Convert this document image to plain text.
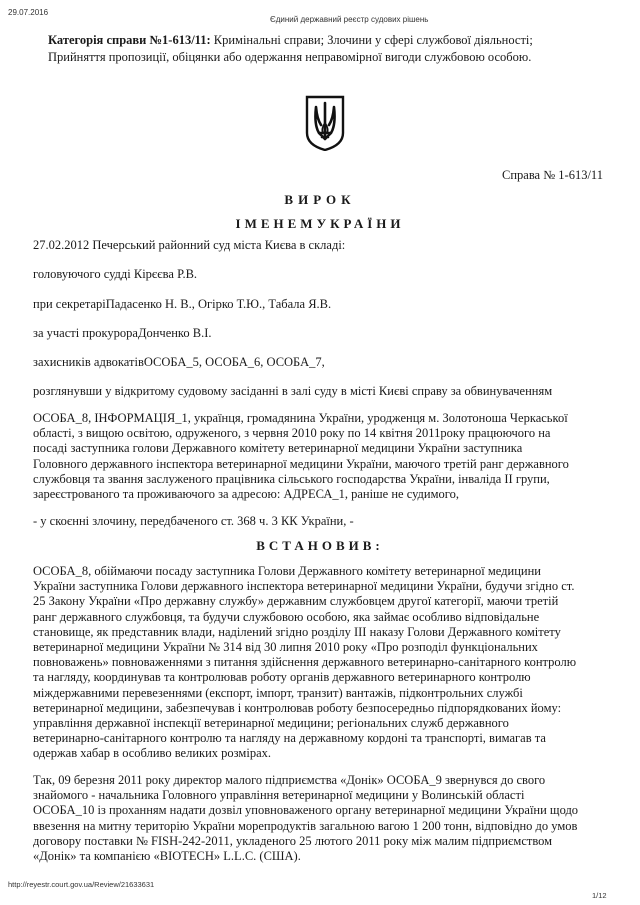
29.07.2016
Єдиний державний реєстр судових рішень
Категорія справи №1-613/11: Кримінальні справи; Злочини у сфері службової діяльності;
Прийняття пропозиції, обіцянки або одержання неправомірної вигоди службовою особою.
Справа № 1-613/11
ВИРОК
ІМЕНЕМУКРАЇНИ
27.02.2012 Печерський районний суд міста Києва в складі:
головуючого судді Кірєєва Р.В.
при секретаріПадасенко Н. В., Огірко Т.Ю., Табала Я.В.
за участі прокурораДонченко В.І.
захисників адвокатівОСОБА_5, ОСОБА_6, ОСОБА_7,
розглянувши у відкритому судовому засіданні в залі суду в місті Києві справу за обвинуваченням
ОСОБА_8, ІНФОРМАЦІЯ_1, українця, громадянина України, уродженця м. Золотоноша Черкаської
області, з вищою освітою, одруженого, з червня 2010 року по 14 квітня 2011року працюючого на
посаді заступника голови Державного комітету ветеринарної медицини України заступника
Головного державного інспектора ветеринарної медицини України, маючого третій ранг державного
службовця та звання заслуженого працівника сільського господарства України, інваліда II групи,
зареєстрованого та проживаючого за адресою: АДРЕСА_1, раніше не судимого,
- у скоєнні злочину, передбаченого ст. 368 ч. 3 КК України, -
ВСТАНОВИВ:
ОСОБА_8, обіймаючи посаду заступника Голови Державного комітету ветеринарної медицини
України заступника Голови державного інспектора ветеринарної медицини України, будучи згідно ст.
25 Закону України «Про державну службу» державним службовцем другої категорії, маючи третій
ранг державного службовця, та будучи службовою особою, яка займає особливо відповідальне
становище, як представник влади, наділений згідно розділу III наказу Голови Державного комітету
ветеринарної медицини України № 314 від 30 липня 2010 року «Про розподіл функціональних
повноважень» повноваженнями з питання здійснення державного ветеринарно-санітарного контролю
та нагляду, координував та контролював роботу органів державного ветеринарного контролю
міждержавними перевезеннями (експорт, імпорт, транзит) вантажів, підконтрольних службі
ветеринарної медицини, забезпечував і контролював роботу безпосередньо підпорядкованих йому:
управління державної інспекції ветеринарної медицини; регіональних служб державного
ветеринарно-санітарного контролю та нагляду на державному кордоні та транспорті, вимагав та
одержав хабар в особливо великих розмірах.
Так, 09 березня 2011 року директор малого підприємства «Донік» ОСОБА_9 звернувся до свого
знайомого - начальника Головного управління ветеринарної медицини у Волинській області
ОСОБА_10 із проханням надати дозвіл уповноваженого органу ветеринарної медицини України щодо
ввезення на митну територію України морепродуктів загальною вагою 1 200 тонн, відповідно до умов
договору поставки № FISH-242-2011, укладеного 25 лютого 2011 року між малим підприємством
«Донік» та компанією «BIOTECH» L.L.C. (США).
http://reyestr.court.gov.ua/Review/21633631
1/12
